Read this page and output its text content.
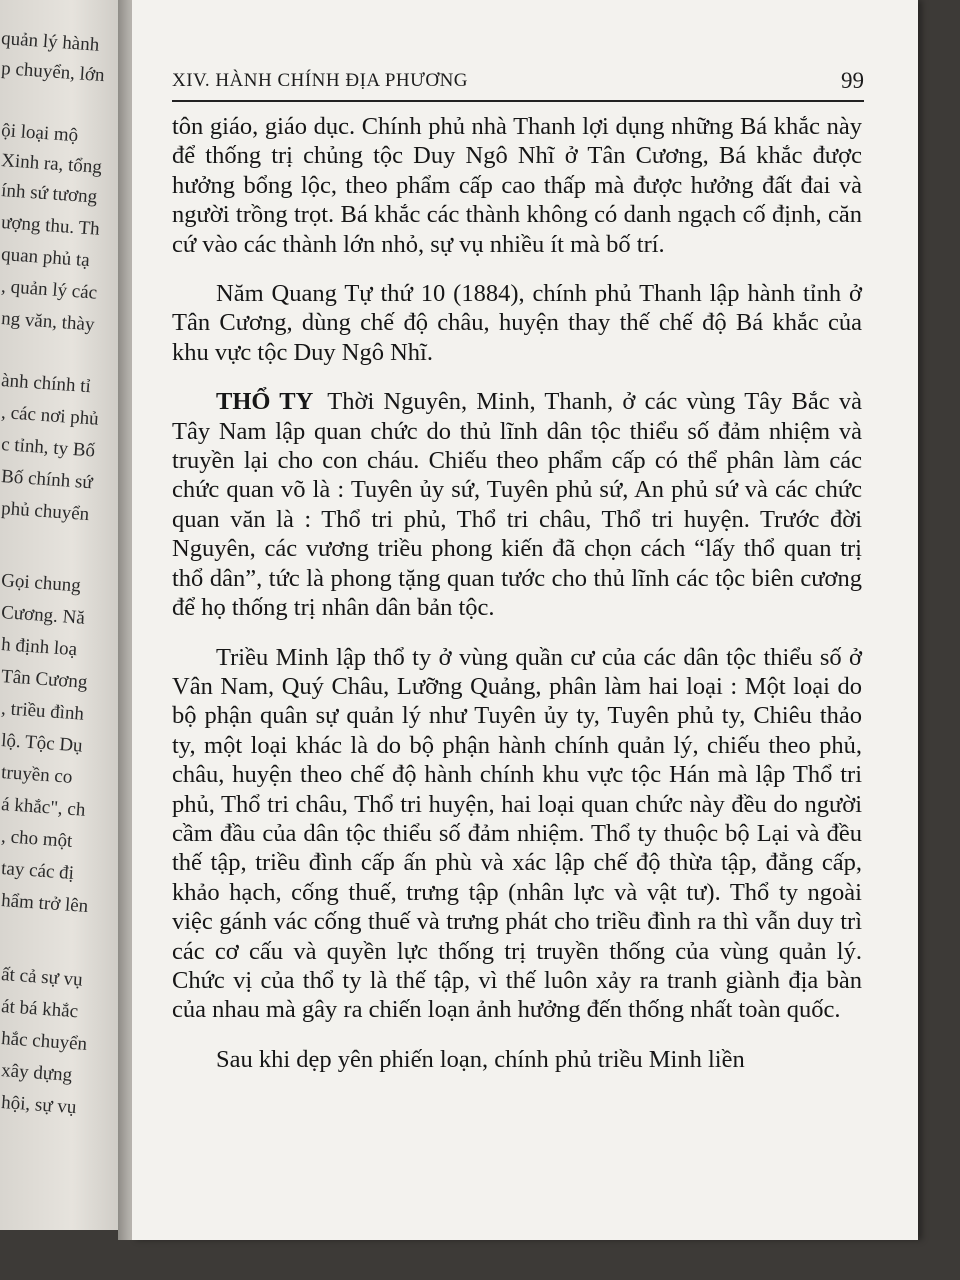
quản lý hành
p chuyển, lớn
ội loại mộ
Xinh ra, tổng
ính sứ tương
ượng thu. Th
quan phủ tạ
, quản lý các
ng văn, thày
ành chính tỉ
, các nơi phủ
c tỉnh, ty Bố
Bố chính sứ
phủ chuyển
Gọi chung
Cương. Nă
h định loạ
Tân Cương
, triều đình
lộ. Tộc Dụ
truyền co
á khắc", ch
, cho một
tay các đị
hẩm trở lên
ất cả sự vụ
át bá khắc
hắc chuyển
xây dựng
hội, sự vụ
XIV. HÀNH CHÍNH ĐỊA PHƯƠNG	99

tôn giáo, giáo dục. Chính phủ nhà Thanh lợi dụng những Bá khắc này để thống trị chủng tộc Duy Ngô Nhĩ ở Tân Cương, Bá khắc được hưởng bổng lộc, theo phẩm cấp cao thấp mà được hưởng đất đai và người trồng trọt. Bá khắc các thành không có danh ngạch cố định, căn cứ vào các thành lớn nhỏ, sự vụ nhiều ít mà bố trí.

Năm Quang Tự thứ 10 (1884), chính phủ Thanh lập hành tỉnh ở Tân Cương, dùng chế độ châu, huyện thay thế chế độ Bá khắc của khu vực tộc Duy Ngô Nhĩ.

THỔ TY Thời Nguyên, Minh, Thanh, ở các vùng Tây Bắc và Tây Nam lập quan chức do thủ lĩnh dân tộc thiểu số đảm nhiệm và truyền lại cho con cháu. Chiếu theo phẩm cấp có thể phân làm các chức quan võ là : Tuyên ủy sứ, Tuyên phủ sứ, An phủ sứ và các chức quan văn là : Thổ tri phủ, Thổ tri châu, Thổ tri huyện. Trước đời Nguyên, các vương triều phong kiến đã chọn cách “lấy thổ quan trị thổ dân”, tức là phong tặng quan tước cho thủ lĩnh các tộc biên cương để họ thống trị nhân dân bản tộc.

Triều Minh lập thổ ty ở vùng quần cư của các dân tộc thiểu số ở Vân Nam, Quý Châu, Lưỡng Quảng, phân làm hai loại : Một loại do bộ phận quân sự quản lý như Tuyên ủy ty, Tuyên phủ ty, Chiêu thảo ty, một loại khác là do bộ phận hành chính quản lý, chiếu theo phủ, châu, huyện theo chế độ hành chính khu vực tộc Hán mà lập Thổ tri phủ, Thổ tri châu, Thổ tri huyện, hai loại quan chức này đều do người cầm đầu của dân tộc thiểu số đảm nhiệm. Thổ ty thuộc bộ Lại và đều thế tập, triều đình cấp ấn phù và xác lập chế độ thừa tập, đẳng cấp, khảo hạch, cống thuế, trưng tập (nhân lực và vật tư). Thổ ty ngoài việc gánh vác cống thuế và trưng phát cho triều đình ra thì vẫn duy trì các cơ cấu và quyền lực thống trị truyền thống của vùng quản lý. Chức vị của thổ ty là thế tập, vì thế luôn xảy ra tranh giành địa bàn của nhau mà gây ra chiến loạn ảnh hưởng đến thống nhất toàn quốc.

Sau khi dẹp yên phiến loạn, chính phủ triều Minh liền
